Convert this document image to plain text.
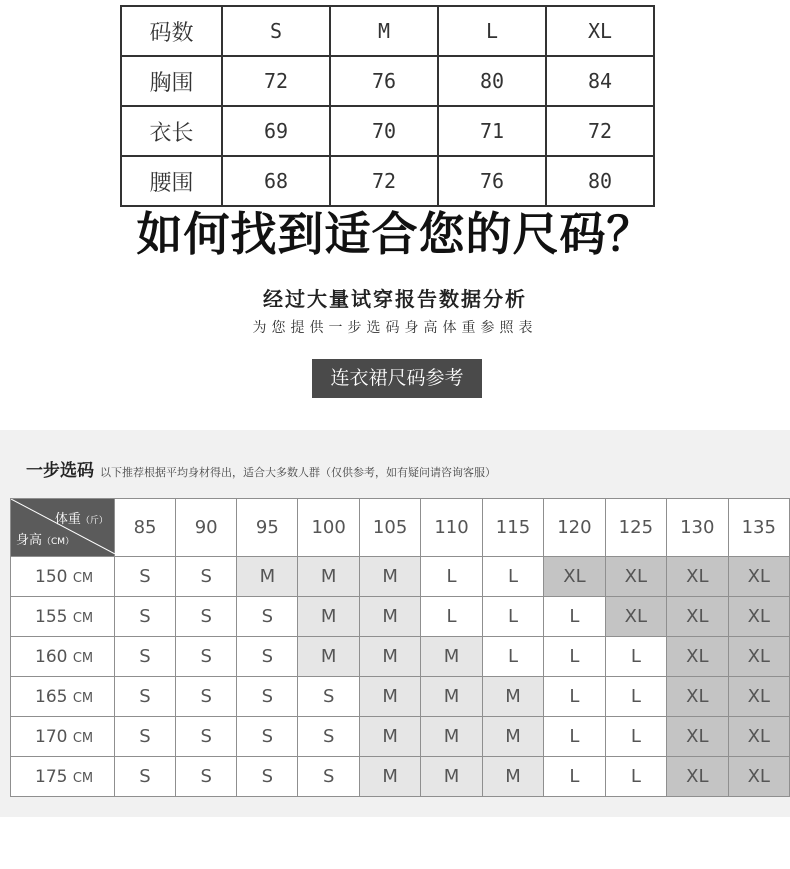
码数	S	M	L	XL
胸围	72	76	80	84
衣长	69	70	71	72
腰围	68	72	76	80
如何找到适合您的尺码？
经过大量试穿报告数据分析
为您提供一步选码身高体重参照表
连衣裙尺码参考
一步选码 以下推荐根据平均身材得出，适合大多数人群（仅供参考，如有疑问请咨询客服）
体重（斤）
身高（CM）	85	90	95	100	105	110	115	120	125	130	135
150 CM	S	S	M	M	M	L	L	XL	XL	XL	XL
155 CM	S	S	S	M	M	L	L	L	XL	XL	XL
160 CM	S	S	S	M	M	M	L	L	L	XL	XL
165 CM	S	S	S	S	M	M	M	L	L	XL	XL
170 CM	S	S	S	S	M	M	M	L	L	XL	XL
175 CM	S	S	S	S	M	M	M	L	L	XL	XL
